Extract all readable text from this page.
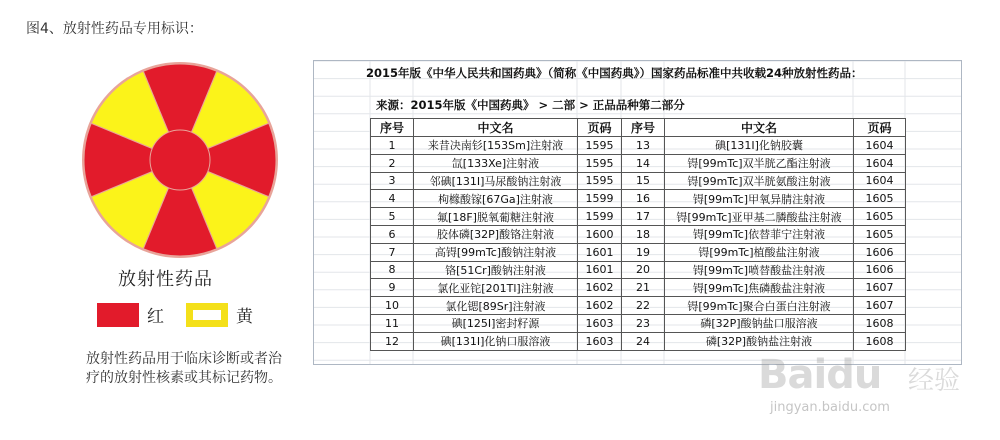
图4、放射性药品专用标识：
放射性药品
红	黄
放射性药品用于临床诊断或者治疗的放射性核素或其标记药物。
2015年版《中华人民共和国药典》（简称《中国药典》）国家药品标准中共收载24种放射性药品：
来源：2015年版《中国药典》 > 二部 > 正品品种第二部分
序号	中文名	页码	序号	中文名	页码
1	来昔决南钐[153Sm]注射液	1595	13	碘[131I]化钠胶囊	1604
2	氙[133Xe]注射液	1595	14	锝[99mTc]双半胱乙酯注射液	1604
3	邻碘[131I]马尿酸钠注射液	1595	15	锝[99mTc]双半胱氨酸注射液	1604
4	枸橼酸镓[67Ga]注射液	1599	16	锝[99mTc]甲氧异腈注射液	1605
5	氟[18F]脱氧葡糖注射液	1599	17	锝[99mTc]亚甲基二膦酸盐注射液	1605
6	胶体磷[32P]酸铬注射液	1600	18	锝[99mTc]依替菲宁注射液	1605
7	高锝[99mTc]酸钠注射液	1601	19	锝[99mTc]植酸盐注射液	1606
8	铬[51Cr]酸钠注射液	1601	20	锝[99mTc]喷替酸盐注射液	1606
9	氯化亚铊[201Tl]注射液	1602	21	锝[99mTc]焦磷酸盐注射液	1607
10	氯化锶[89Sr]注射液	1602	22	锝[99mTc]聚合白蛋白注射液	1607
11	碘[125I]密封籽源	1603	23	磷[32P]酸钠盐口服溶液	1608
12	碘[131I]化钠口服溶液	1603	24	磷[32P]酸钠盐注射液	1608
Baidu 经验
jingyan.baidu.com
